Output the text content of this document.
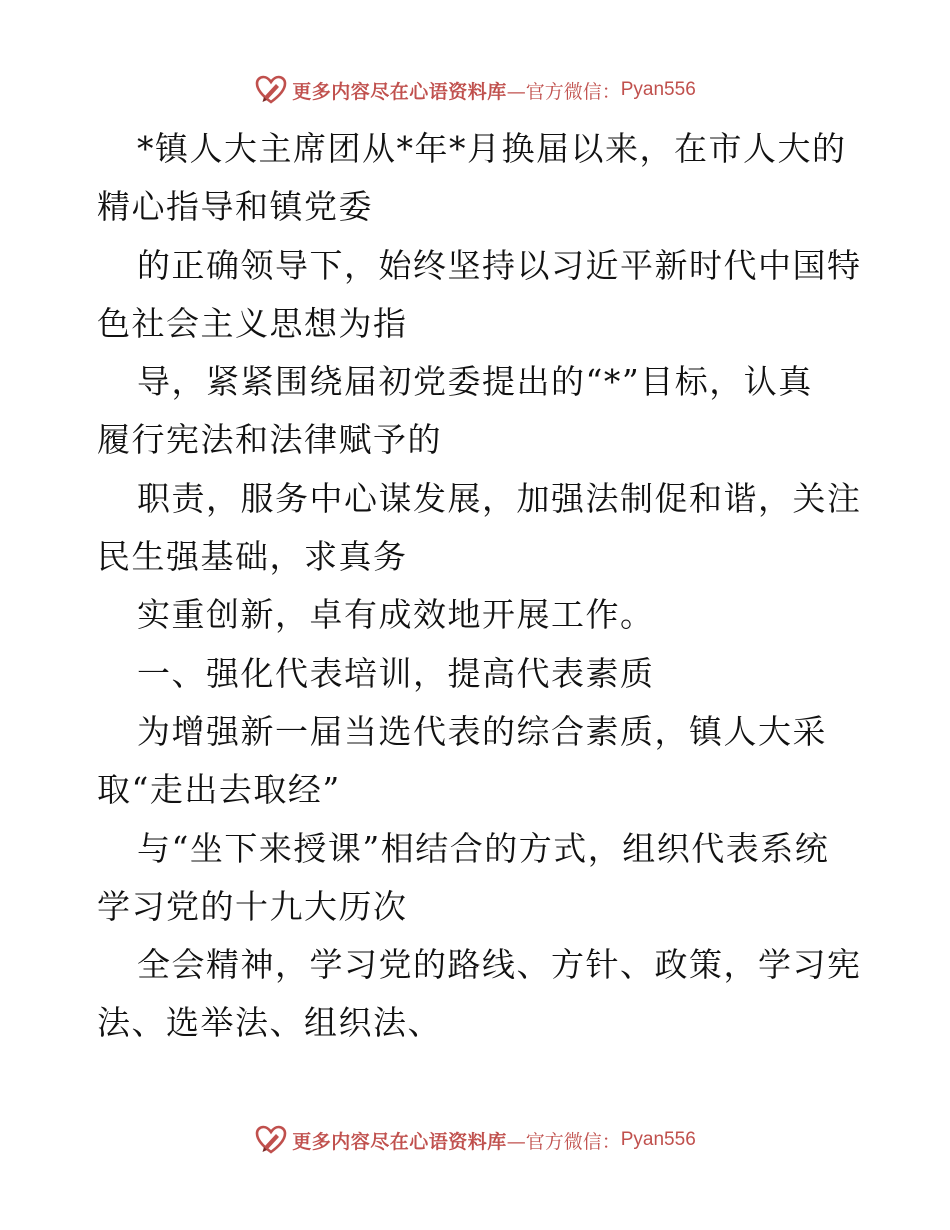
更多内容尽在心语资料库 —官方微信： Pyan556
*镇人大主席团从*年*月换届以来，在市人大的
精心指导和镇党委
的正确领导下，始终坚持以习近平新时代中国特
色社会主义思想为指
导，紧紧围绕届初党委提出的“*”目标，认真
履行宪法和法律赋予的
职责，服务中心谋发展，加强法制促和谐，关注
民生强基础，求真务
实重创新，卓有成效地开展工作。
一、强化代表培训，提高代表素质
为增强新一届当选代表的综合素质，镇人大采
取“走出去取经”
与“坐下来授课”相结合的方式，组织代表系统
学习党的十九大历次
全会精神，学习党的路线、方针、政策，学习宪
法、选举法、组织法、
更多内容尽在心语资料库 —官方微信： Pyan556
